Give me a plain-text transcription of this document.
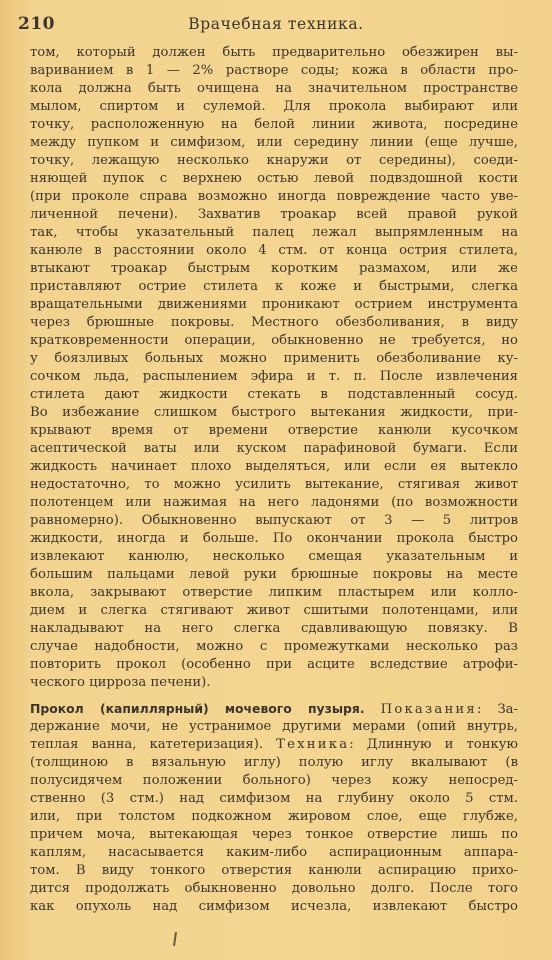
210	Врачебная техника.
том, который должен быть предварительно обезжирен вы-
вариванием в 1 — 2% растворе соды; кожа в области про-
кола должна быть очищена на значительном пространстве
мылом, спиртом и сулемой. Для прокола выбирают или
точку, расположенную на белой линии живота, посредине
между пупком и симфизом, или середину линии (еще лучше,
точку, лежащую несколько кнаружи от середины), соеди-
няющей пупок с верхнею остью левой подвздошной кости
(при проколе справа возможно иногда повреждение часто уве-
личенной печени). Захватив троакар всей правой рукой
так, чтобы указательный палец лежал выпрямленным на
канюле в расстоянии около 4 стм. от конца острия стилета,
втыкают троакар быстрым коротким размахом, или же
приставляют острие стилета к коже и быстрыми, слегка
вращательными движениями проникают острием инструмента
через брюшные покровы. Местного обезболивания, в виду
кратковременности операции, обыкновенно не требуется, но
у боязливых больных можно применить обезболивание ку-
сочком льда, распылением эфира и т. п. После извлечения
стилета дают жидкости стекать в подставленный сосуд.
Во избежание слишком быстрого вытекания жидкости, при-
крывают время от времени отверстие канюли кусочком
асептической ваты или куском парафиновой бумаги. Если
жидкость начинает плохо выделяться, или если ея вытекло
недостаточно, то можно усилить вытекание, стягивая живот
полотенцем или нажимая на него ладонями (по возможности
равномерно). Обыкновенно выпускают от 3 — 5 литров
жидкости, иногда и больше. По окончании прокола быстро
извлекают канюлю, несколько смещая указательным и
большим пальцами левой руки брюшные покровы на месте
вкола, закрывают отверстие липким пластырем или колло-
дием и слегка стягивают живот сшитыми полотенцами, или
накладывают на него слегка сдавливающую повязку. В
случае надобности, можно с промежутками несколько раз
повторить прокол (особенно при асците вследствие атрофи-
ческого цирроза печени).
Прокол (капиллярный) мочевого пузыря. Показания: За-
держание мочи, не устранимое другими мерами (опий внутрь,
теплая ванна, катетеризация). Техника: Длинную и тонкую
(толщиною в вязальную иглу) полую иглу вкалывают (в
полусидячем положении больного) через кожу непосред-
ственно (3 стм.) над симфизом на глубину около 5 стм.
или, при толстом подкожном жировом слое, еще глубже,
причем моча, вытекающая через тонкое отверстие лишь по
каплям, насасывается каким-либо аспирационным аппара-
том. В виду тонкого отверстия канюли аспирацию прихо-
дится продолжать обыкновенно довольно долго. После того
как опухоль над симфизом исчезла, извлекают быстро
